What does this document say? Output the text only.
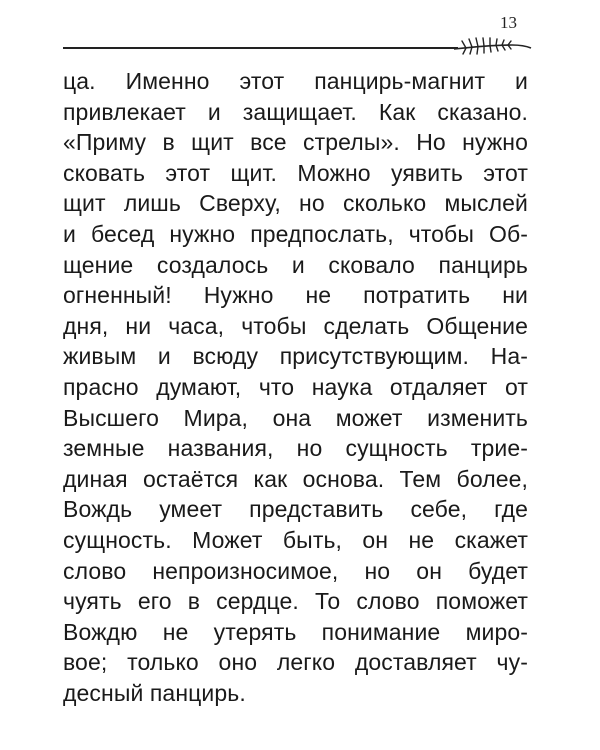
13
ца. Именно этот панцирь-магнит и
привлекает и защищает. Как сказано.
«Приму в щит все стрелы». Но нужно
сковать этот щит. Можно уявить этот
щит лишь Сверху, но сколько мыслей
и бесед нужно предпослать, чтобы Об-
щение создалось и сковало панцирь
огненный! Нужно не потратить ни
дня, ни часа, чтобы сделать Общение
живым и всюду присутствующим. На-
прасно думают, что наука отдаляет от
Высшего Мира, она может изменить
земные названия, но сущность трие-
диная остаётся как основа. Тем более,
Вождь умеет представить себе, где
сущность. Может быть, он не скажет
слово непроизносимое, но он будет
чуять его в сердце. То слово поможет
Вождю не утерять понимание миро-
вое; только оно легко доставляет чу-
десный панцирь.
